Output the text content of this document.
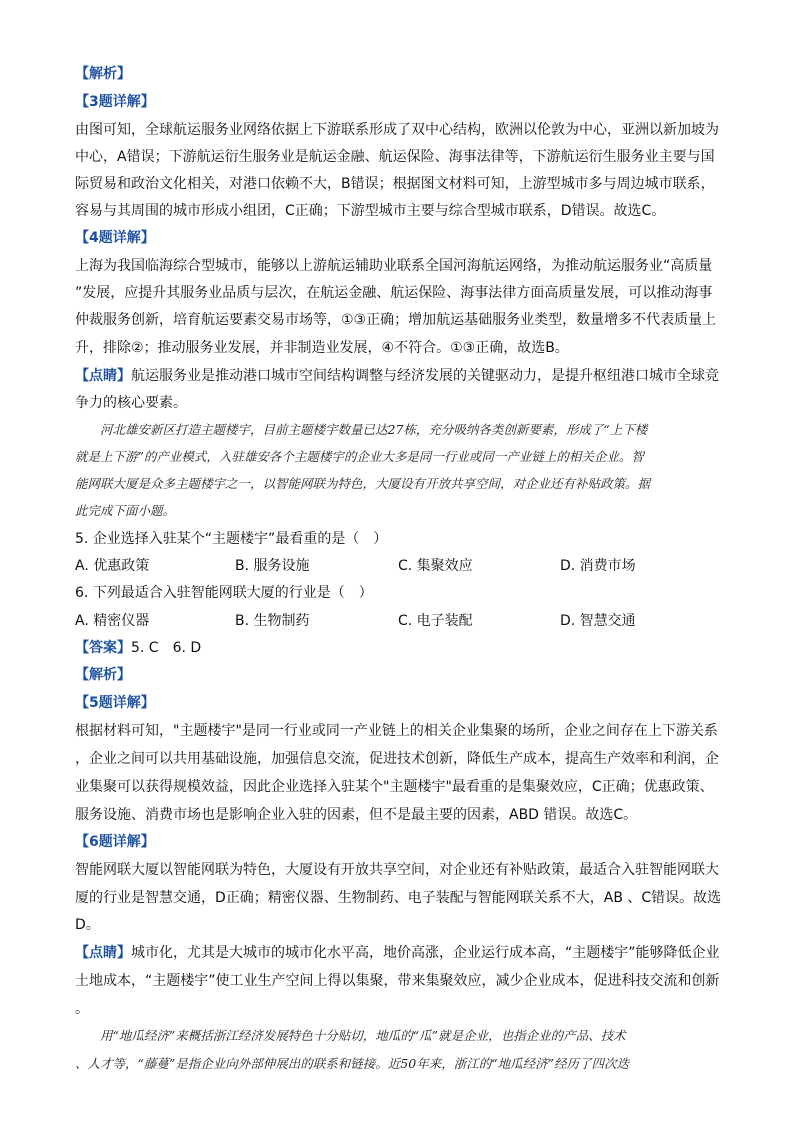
【解析】
【3题详解】
由图可知，全球航运服务业网络依据上下游联系形成了双中心结构，欧洲以伦敦为中心，亚洲以新加坡为
中心，A错误；下游航运衍生服务业是航运金融、航运保险、海事法律等，下游航运衍生服务业主要与国
际贸易和政治文化相关，对港口依赖不大，B错误；根据图文材料可知，上游型城市多与周边城市联系，
容易与其周围的城市形成小组团，C正确；下游型城市主要与综合型城市联系，D错误。故选C。
【4题详解】
上海为我国临海综合型城市，能够以上游航运辅助业联系全国河海航运网络，为推动航运服务业“高质量
”发展，应提升其服务业品质与层次，在航运金融、航运保险、海事法律方面高质量发展，可以推动海事
仲裁服务创新，培育航运要素交易市场等，①③正确；增加航运基础服务业类型，数量增多不代表质量上
升，排除②；推动服务业发展，并非制造业发展，④不符合。①③正确，故选B。
【点睛】航运服务业是推动港口城市空间结构调整与经济发展的关键驱动力，是提升枢纽港口城市全球竞
争力的核心要素。
河北雄安新区打造主题楼宇，目前主题楼宇数量已达27栋，充分吸纳各类创新要素，形成了“上下楼
就是上下游”的产业模式，入驻雄安各个主题楼宇的企业大多是同一行业或同一产业链上的相关企业。智
能网联大厦是众多主题楼宇之一，以智能网联为特色，大厦设有开放共享空间，对企业还有补贴政策。据
此完成下面小题。
5. 企业选择入驻某个“主题楼宇”最看重的是（　）
A. 优惠政策	B. 服务设施	C. 集聚效应	D. 消费市场
6. 下列最适合入驻智能网联大厦的行业是（　）
A. 精密仪器	B. 生物制药	C. 电子装配	D. 智慧交通
【答案】5. C　6. D
【解析】
【5题详解】
根据材料可知，"主题楼宇"是同一行业或同一产业链上的相关企业集聚的场所，企业之间存在上下游关系
，企业之间可以共用基础设施，加强信息交流，促进技术创新，降低生产成本，提高生产效率和利润，企
业集聚可以获得规模效益，因此企业选择入驻某个"主题楼宇"最看重的是集聚效应，C正确；优惠政策、
服务设施、消费市场也是影响企业入驻的因素，但不是最主要的因素，ABD 错误。故选C。
【6题详解】
智能网联大厦以智能网联为特色，大厦设有开放共享空间，对企业还有补贴政策，最适合入驻智能网联大
厦的行业是智慧交通，D正确；精密仪器、生物制药、电子装配与智能网联关系不大，AB 、C错误。故选
D。
【点睛】城市化，尤其是大城市的城市化水平高，地价高涨，企业运行成本高，“主题楼宇”能够降低企业
土地成本，“主题楼宇”使工业生产空间上得以集聚，带来集聚效应，减少企业成本，促进科技交流和创新
。
用“地瓜经济”来概括浙江经济发展特色十分贴切，地瓜的“瓜”就是企业，也指企业的产品、技术
、人才等，“藤蔓”是指企业向外部伸展出的联系和链接。近50年来，浙江的“地瓜经济”经历了四次迭
